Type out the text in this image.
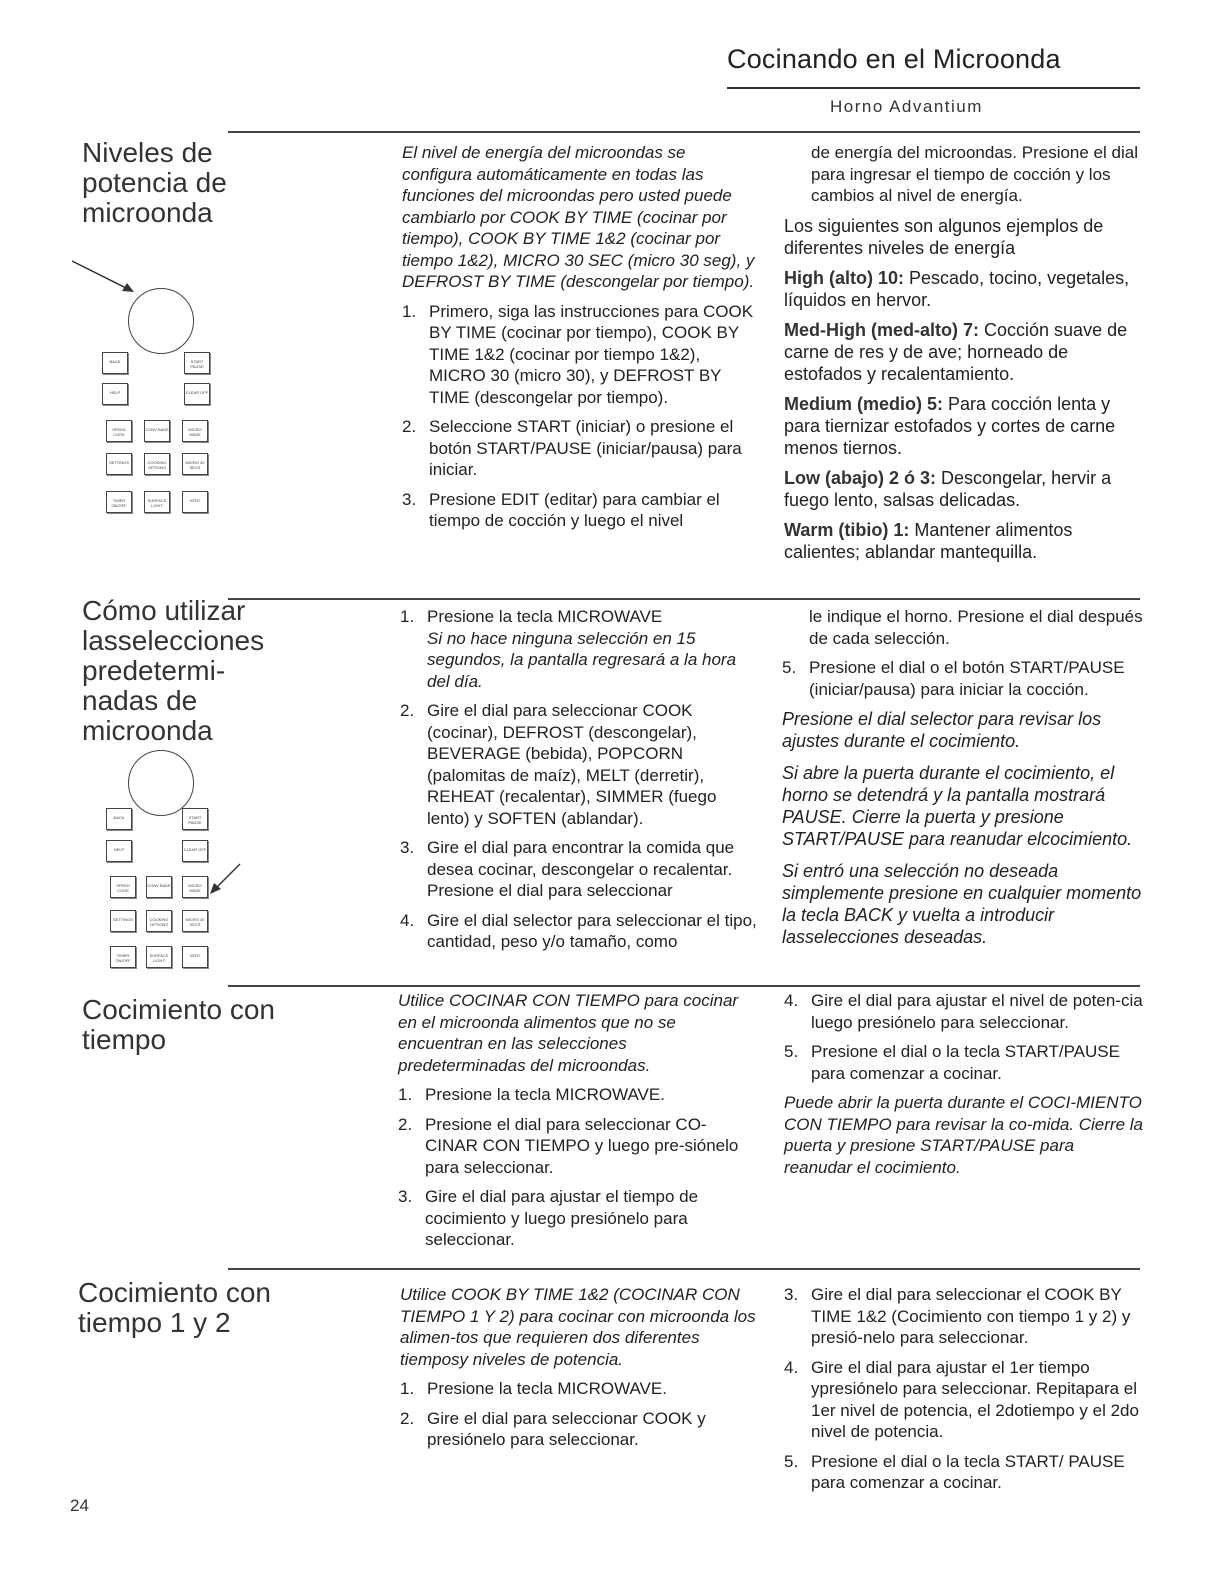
Cocinando en el Microonda
Horno Advantium
Niveles de potencia de microonda
BACK	START PAUSE
HELP	CLEAR OFF
SPEED COOK
CONV BAKE	MICRO WAVE
SETTINGS	COOKING OPTIONS
MICRO 30 SECS
TIMER ON/OFF
SURFACE LIGHT
VENT

El nivel de energía del microondas se configura automáticamente en todas las funciones del microondas pero usted puede cambiarlo por COOK BY TIME (cocinar por tiempo), COOK BY TIME 1&2 (cocinar por tiempo 1&2), MICRO 30 SEC (micro 30 seg), y DEFROST BY TIME (descongelar por tiempo).

1. Primero, siga las instrucciones para COOK BY TIME (cocinar por tiempo), COOK BY TIME 1&2 (cocinar por tiempo 1&2), MICRO 30 (micro 30), y DEFROST BY TIME (descongelar por tiempo).
2. Seleccione START (iniciar) o presione el botón START/PAUSE (iniciar/pausa) para iniciar.
3. Presione EDIT (editar) para cambiar el tiempo de cocción y luego el nivel

de energía del microondas. Presione el dial para ingresar el tiempo de cocción y los cambios al nivel de energía.

Los siguientes son algunos ejemplos de diferentes niveles de energía

High (alto) 10: Pescado, tocino, vegetales, líquidos en hervor.

Med-High (med-alto) 7: Cocción suave de carne de res y de ave; horneado de estofados y recalentamiento.

Medium (medio) 5: Para cocción lenta y para tiernizar estofados y cortes de carne menos tiernos.

Low (abajo) 2 ó 3: Descongelar, hervir a fuego lento, salsas delicadas.

Warm (tibio) 1: Mantener alimentos calientes; ablandar mantequilla.

Cómo utilizar lasselecciones predetermi-nadas de microonda
BACK	START PAUSE
HELP	CLEAR OFF
SPEED COOK
CONV BAKE	MICRO WAVE
SETTINGS	COOKING OPTIONS
MICRO 30 SECS
TIMER ON/OFF
SURFACE LIGHT
VENT
1. Presione la tecla MICROWAVE
Si no hace ninguna selección en 15 segundos, la pantalla regresará a la hora del día.
2. Gire el dial para seleccionar COOK (cocinar), DEFROST (descongelar), BEVERAGE (bebida), POPCORN (palomitas de maíz), MELT (derretir), REHEAT (recalentar), SIMMER (fuego lento) y SOFTEN (ablandar).
3. Gire el dial para encontrar la comida que desea cocinar, descongelar o recalentar. Presione el dial para seleccionar
4. Gire el dial selector para seleccionar el tipo, cantidad, peso y/o tamaño, como

le indique el horno. Presione el dial después de cada selección.

5. Presione el dial o el botón START/PAUSE (iniciar/pausa) para iniciar la cocción.

Presione el dial selector para revisar los ajustes durante el cocimiento.

Si abre la puerta durante el cocimiento, el horno se detendrá y la pantalla mostrará PAUSE. Cierre la puerta y presione START/PAUSE para reanudar elcocimiento.

Si entró una selección no deseada simplemente presione en cualquier momento la tecla BACK y vuelta a introducir lasselecciones deseadas.

Cocimiento con tiempo

Utilice COCINAR CON TIEMPO para cocinar en el microonda alimentos que no se encuentran en las selecciones predeterminadas del microondas.

1. Presione la tecla MICROWAVE.
2. Presione el dial para seleccionar CO-CINAR CON TIEMPO y luego pre-siónelo para seleccionar.
3. Gire el dial para ajustar el tiempo de cocimiento y luego presiónelo para seleccionar.
4. Gire el dial para ajustar el nivel de poten-cia luego presiónelo para seleccionar.
5. Presione el dial o la tecla START/PAUSE para comenzar a cocinar.

Puede abrir la puerta durante el COCI-MIENTO CON TIEMPO para revisar la co-mida. Cierre la puerta y presione START/PAUSE para reanudar el cocimiento.

Cocimiento con tiempo 1 y 2

Utilice COOK BY TIME 1&2 (COCINAR CON TIEMPO 1 Y 2) para cocinar con microonda los alimen-tos que requieren dos diferentes tiemposy niveles de potencia.

1. Presione la tecla MICROWAVE.
2. Gire el dial para seleccionar COOK y presiónelo para seleccionar.
3. Gire el dial para seleccionar el COOK BY TIME 1&2 (Cocimiento con tiempo 1 y 2) y presió-nelo para seleccionar.
4. Gire el dial para ajustar el 1er tiempo ypresiónelo para seleccionar. Repitapara el 1er nivel de potencia, el 2dotiempo y el 2do nivel de potencia.
5. Presione el dial o la tecla START/ PAUSE para comenzar a cocinar.
24
